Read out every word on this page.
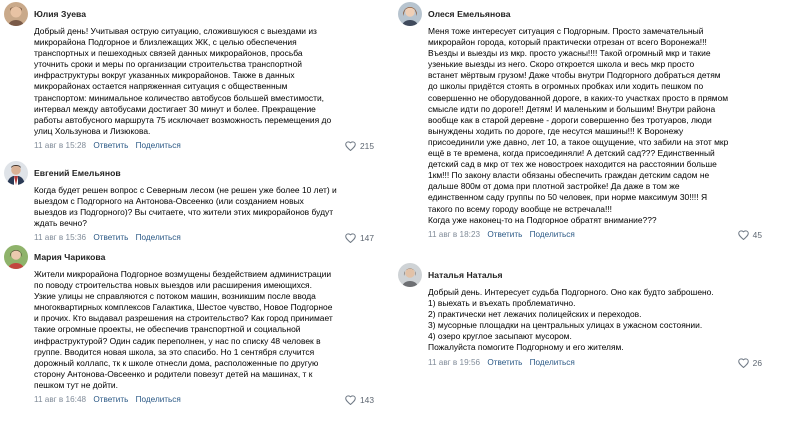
Юлия Зуева

Добрый день! Учитывая острую ситуацию, сложившуюся с выездами из

микрорайона Подгорное и близлежащих ЖК, с целью обеспечения

транспортных и пешеходных связей данных микрорайонов, просьба

уточнить сроки и меры по организации строительства транспортной

инфраструктуры вокруг указанных микрорайонов. Также в данных

микрорайонах остается напряженная ситуация с общественным

транспортом: минимальное количество автобусов большей вместимости,

интервал между автобусами достигает 30 минут и более. Прекращение

работы автобусного маршрута 75 исключает возможность перемещения до

улиц Хользунова и Лизюкова.

11 авг в 15:28 Ответить Поделиться	215
Евгений Емельянов

Когда будет решен вопрос с Северным лесом (не решен уже более 10 лет) и

выездом с Подгорного на Антонова-Овсеенко (или созданием новых

выездов из Подгорного)? Вы считаете, что жители этих микрорайонов будут

ждать вечно?

11 авг в 15:36 Ответить Поделиться	147
Мария Чарикова

Жители микрорайона Подгорное возмущены бездействием администрации

по поводу строительства новых выездов или расширения имеющихся.

Узкие улицы не справляются с потоком машин, возникшим после ввода

многоквартирных комплексов Галактика, Шестое чувство, Новое Подгорное

и прочих. Кто выдавал разрешения на строительство? Как город принимает

такие огромные проекты, не обеспечив транспортной и социальной

инфраструктурой? Один садик переполнен, у нас по списку 48 человек в

группе. Вводится новая школа, за это спасибо. Но 1 сентября случится

дорожный коллапс, тк к школе отнесли дома, расположенные по другую

сторону Антонова-Овсеенко и родители повезут детей на машинах, т к

пешком тут не дойти.

11 авг в 16:48 Ответить Поделиться	143
Олеся Емельянова

Меня тоже интересует ситуация с Подгорным. Просто замечательный

микрорайон города, который практически отрезан от всего Воронежа!!!

Въезды и выезды из мкр. просто ужасны!!!! Такой огромный мкр и такие

узенькие выезды из него. Скоро откроется школа и весь мкр просто

встанет мёртвым грузом! Даже чтобы внутри Подгорного добраться детям

до школы придётся стоять в огромных пробках или ходить пешком по

совершенно не оборудованной дороге, в каких-то участках просто в прямом

смысле идти по дороге!! Детям! И маленьким и большим! Внутри района

вообще как в старой деревне - дороги совершенно без тротуаров, люди

вынуждены ходить по дороге, где несутся машины!!! К Воронежу

присоединили уже давно, лет 10, а такое ощущение, что забили на этот мкр

ещё в те времена, когда присоединяли! А детский сад??? Единственный

детский сад в мкр от тех же новостроек находится на расстоянии больше

1км!!! По закону власти обязаны обеспечить граждан детским садом не

дальше 800м от дома при плотной застройке! Да даже в том же

единственном саду группы по 50 человек, при норме максимум 30!!!! Я

такого по всему городу вообще не встречала!!!

Когда уже наконец-то на Подгорное обратят внимание???

11 авг в 18:23 Ответить Поделиться	45
Наталья Наталья

Добрый день. Интересует судьба Подгорного. Оно как будто заброшено.

1) выехать и въехать проблематично.

2) практически нет лежачих полицейских и переходов.

3) мусорные площадки на центральных улицах в ужасном состоянии.

4) озеро круглое засыпают мусором.

Пожалуйста помогите Подгорному и его жителям.

11 авг в 19:56 Ответить Поделиться	26
